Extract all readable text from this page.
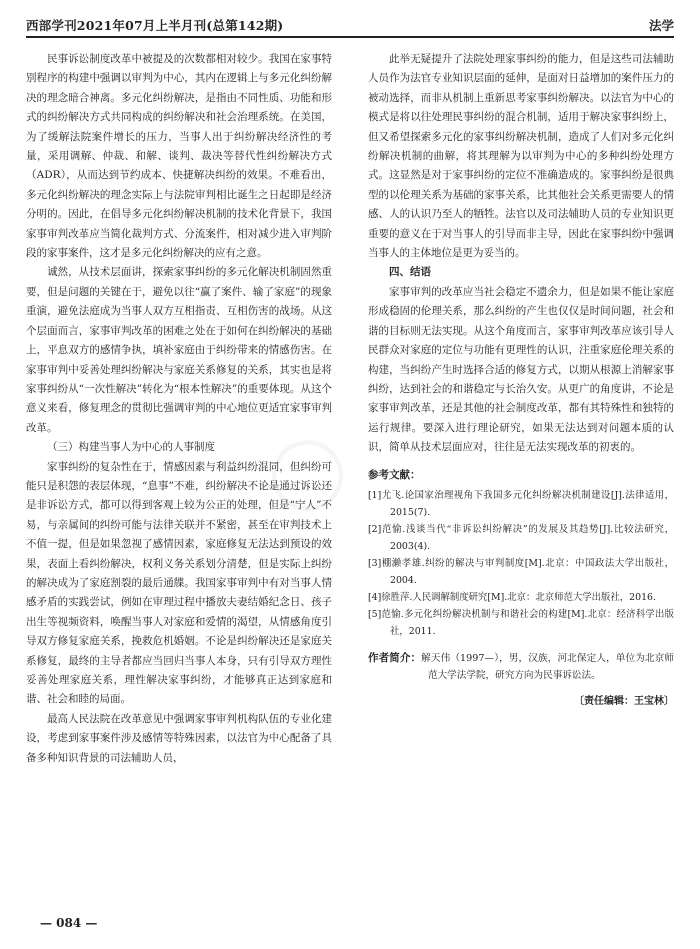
西部学刊2021年07月上半月刊(总第142期)	法学
◯

民事诉讼制度改革中被提及的次数都相对较少。我国在家事特别程序的构建中强调以审判为中心，其内在逻辑上与多元化纠纷解决的理念暗合神离。多元化纠纷解决，是指由不同性质、功能和形式的纠纷解决方式共同构成的纠纷解决和社会治理系统。在美国，为了缓解法院案件增长的压力，当事人出于纠纷解决经济性的考量，采用调解、仲裁、和解、谈判、裁决等替代性纠纷解决方式（ADR），从而达到节约成本、快捷解决纠纷的效果。不难看出，多元化纠纷解决的理念实际上与法院审判相比诞生之日起即是经济分明的。因此，在倡导多元化纠纷解决机制的技术化背景下，我国家事审判改革应当简化裁判方式、分流案件，相对减少进入审判阶段的家事案件，这才是多元化纠纷解决的应有之意。

诚然，从技术层面讲，探索家事纠纷的多元化解决机制固然重要，但是问题的关键在于，避免以往“赢了案件、输了家庭”的现象重演，避免法庭成为当事人双方互相指责、互相伤害的战场。从这个层面而言，家事审判改革的困难之处在于如何在纠纷解决的基础上，平息双方的感情争执，填补家庭由于纠纷带来的情感伤害。在家事审判中妥善处理纠纷解决与家庭关系修复的关系，其实也是将家事纠纷从“一次性解决”转化为“根本性解决”的重要体现。从这个意义来看，修复理念的贯彻比强调审判的中心地位更适宜家事审判改革。

（三）构建当事人为中心的人事制度

家事纠纷的复杂性在于，情感因素与利益纠纷混同，但纠纷可能只是积怨的表层体现，“息事”不难，纠纷解决不论是通过诉讼还是非诉讼方式，都可以得到客观上较为公正的处理，但是“宁人”不易，与亲属间的纠纷可能与法律关联并不紧密，甚至在审判技术上不值一提，但是如果忽视了感情因素，家庭修复无法达到预设的效果，表面上看纠纷解决，权利义务关系划分清楚，但是实际上纠纷的解决成为了家庭割裂的最后通牒。我国家事审判中有对当事人情感矛盾的实践尝试，例如在审理过程中播放夫妻结婚纪念日、孩子出生等视频资料，唤醒当事人对家庭和爱情的渴望，从情感角度引导双方修复家庭关系，挽救危机婚姻。不论是纠纷解决还是家庭关系修复，最终的主导者都应当回归当事人本身，只有引导双方理性妥善处理家庭关系，理性解决家事纠纷，才能够真正达到家庭和谐、社会和睦的局面。

最高人民法院在改革意见中强调家事审判机构队伍的专业化建设，考虑到家事案件涉及感情等特殊因素，以法官为中心配备了具备多种知识背景的司法辅助人员，

此举无疑提升了法院处理家事纠纷的能力，但是这些司法辅助人员作为法官专业知识层面的延伸，是面对日益增加的案件压力的被动选择，而非从机制上重新思考家事纠纷解决。以法官为中心的模式是将以往处理民事纠纷的混合机制，适用于解决家事纠纷上，但又希望探索多元化的家事纠纷解决机制，造成了人们对多元化纠纷解决机制的曲解，将其理解为以审判为中心的多种纠纷处理方式。这显然是对于家事纠纷的定位不准确造成的。家事纠纷是很典型的以伦理关系为基础的家事关系，比其他社会关系更需要人的情感、人的认识乃至人的牺牲。法官以及司法辅助人员的专业知识更重要的意义在于对当事人的引导而非主导，因此在家事纠纷中强调当事人的主体地位是更为妥当的。

四、结语

家事审判的改革应当社会稳定不遗余力，但是如果不能让家庭形成稳固的伦理关系，那么纠纷的产生也仅仅是时间问题，社会和谐的目标则无法实现。从这个角度而言，家事审判改革应该引导人民群众对家庭的定位与功能有更理性的认识，注重家庭伦理关系的构建，当纠纷产生时选择合适的修复方式，以期从根源上消解家事纠纷，达到社会的和谐稳定与长治久安。从更广的角度讲，不论是家事审判改革，还是其他的社会制度改革，都有其特殊性和独特的运行规律。要深入进行理论研究，如果无法达到对问题本质的认识，简单从技术层面应对，往往是无法实现改革的初衷的。

参考文献：
[1]尤飞.论国家治理视角下我国多元化纠纷解决机制建设[J].法律适用，2015(7).
[2]范愉.浅谈当代“非诉讼纠纷解决”的发展及其趋势[J].比较法研究，2003(4).
[3]棚濑孝雄.纠纷的解决与审判制度[M].北京：中国政法大学出版社，2004.
[4]徐胜萍.人民调解制度研究[M].北京：北京师范大学出版社，2016.
[5]范愉.多元化纠纷解决机制与和谐社会的构建[M].北京：经济科学出版社，2011.
作者简介：解天伟（1997—），男，汉族，河北保定人，单位为北京师范大学法学院，研究方向为民事诉讼法。
〔责任编辑：王宝林〕
— 084 —
